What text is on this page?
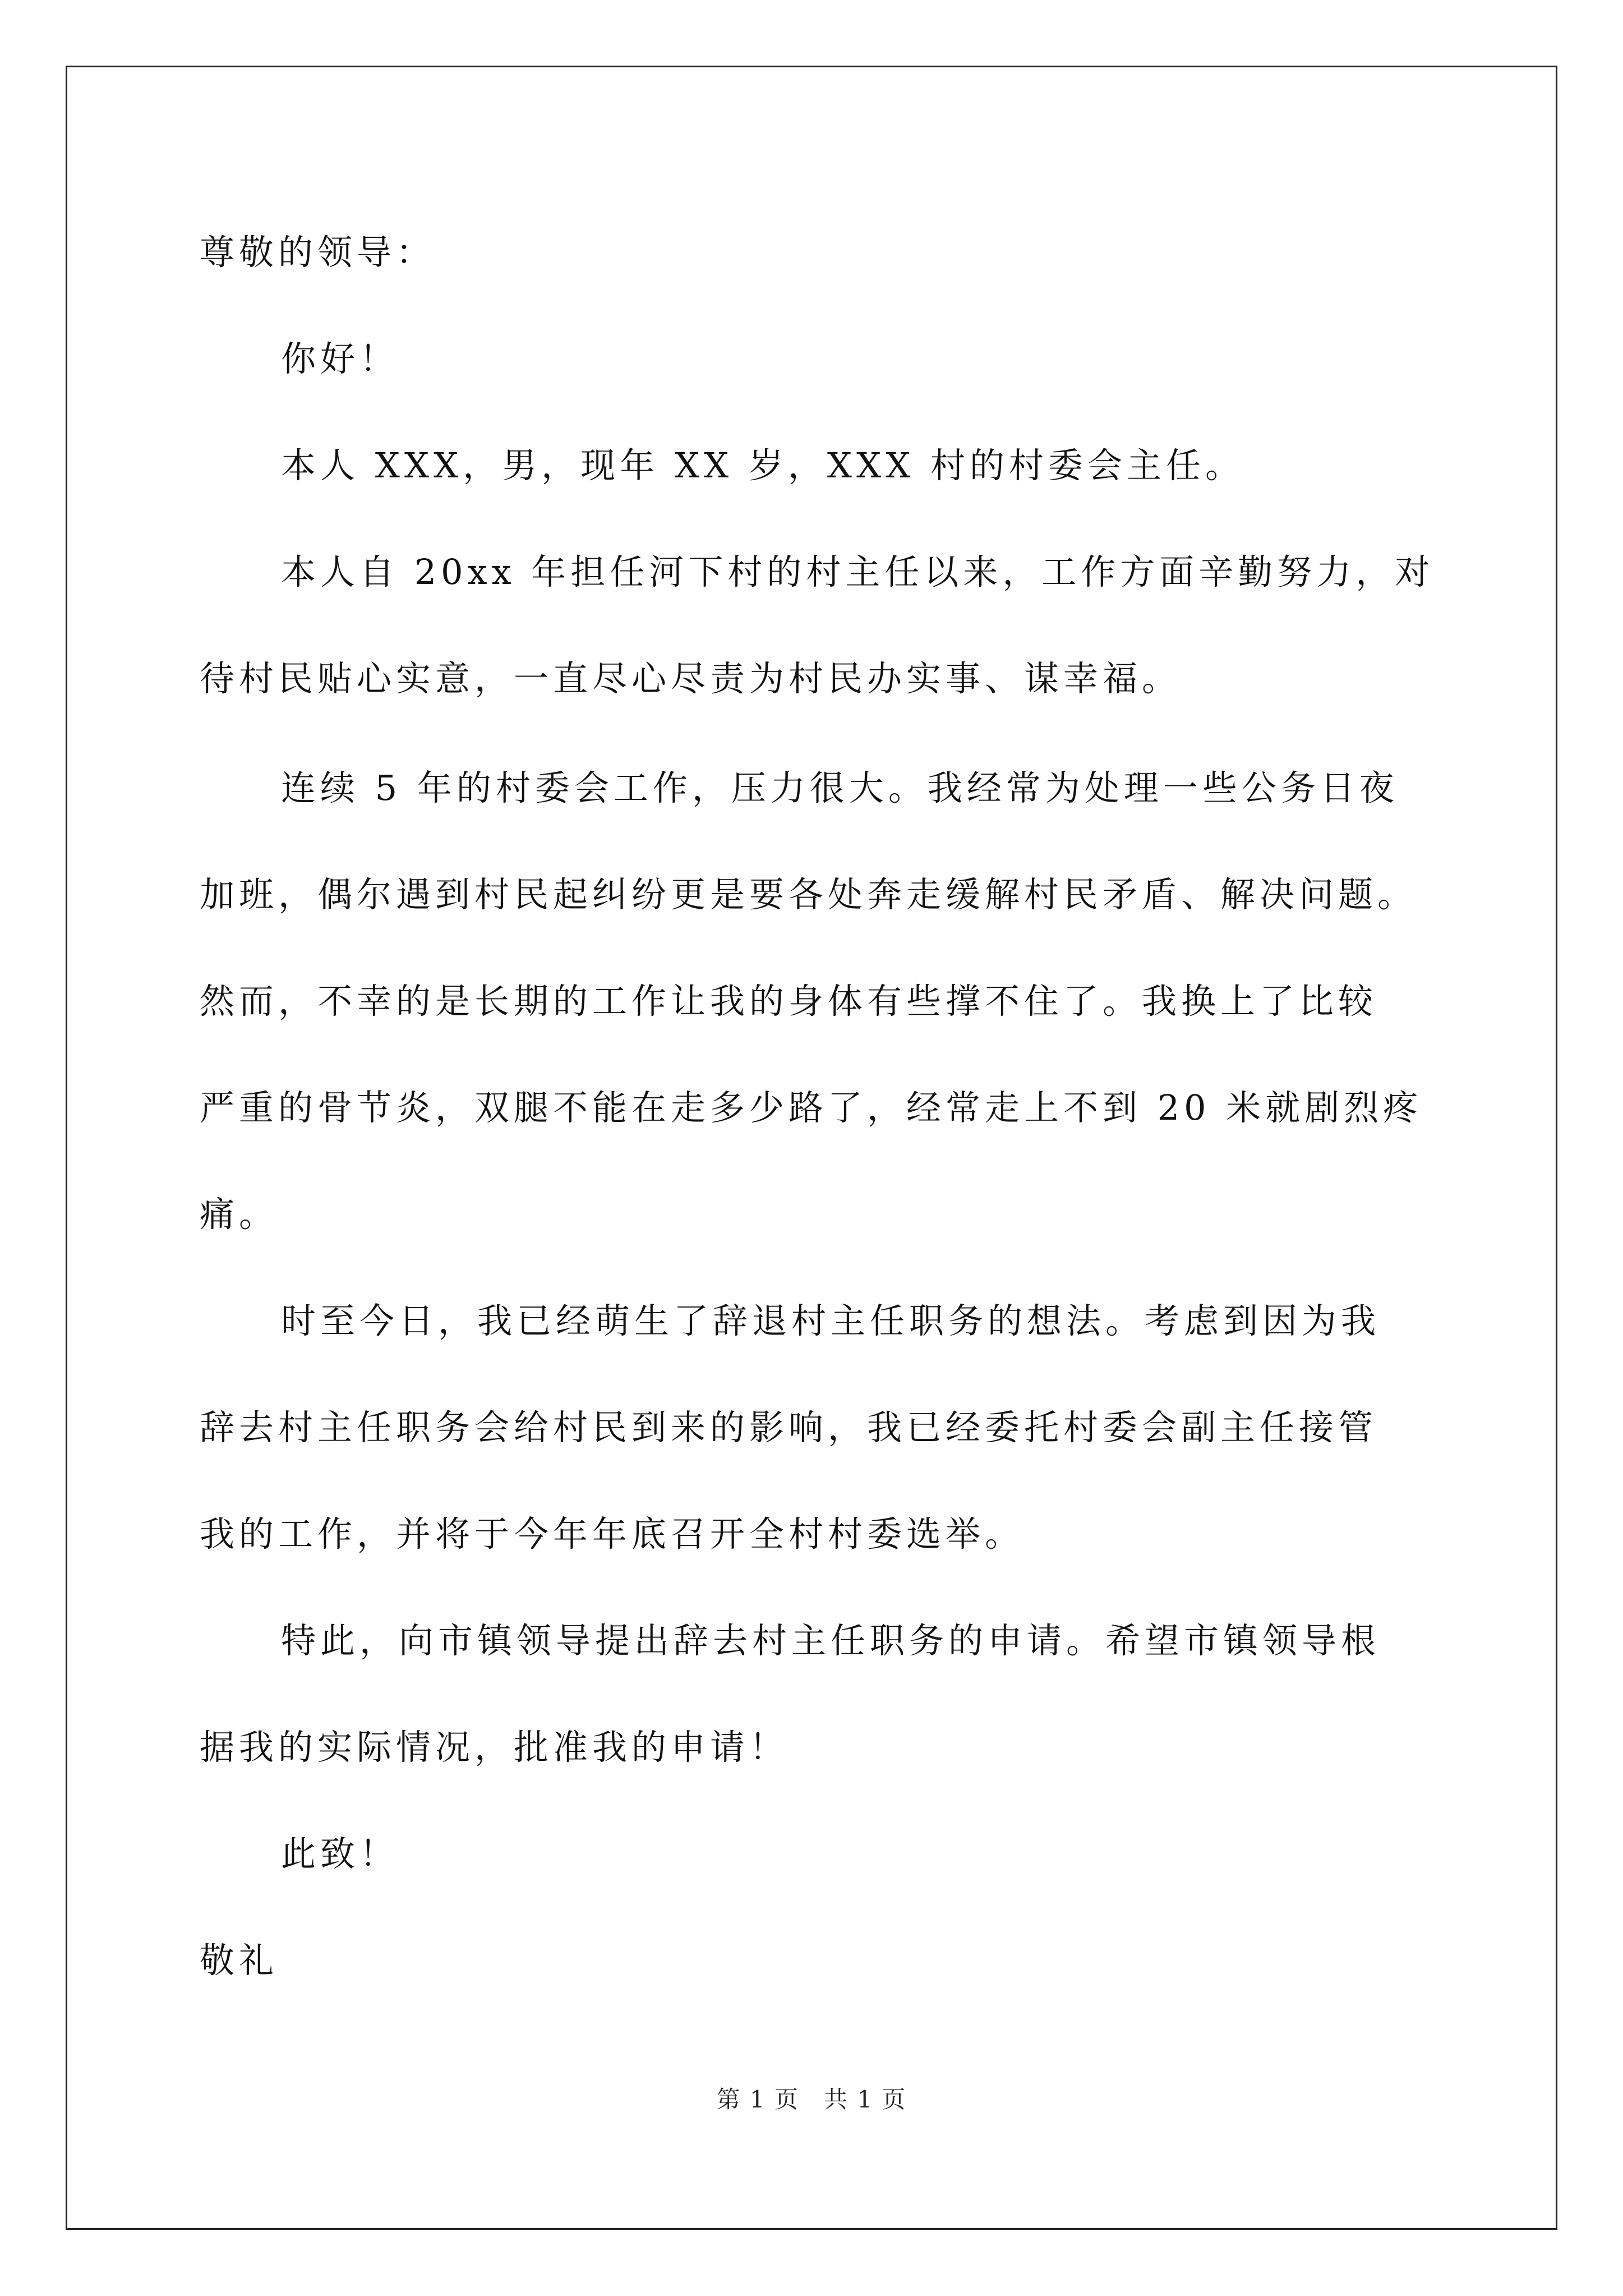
尊敬的领导：
你好！
本人 XXX，男，现年 XX 岁，XXX 村的村委会主任。
本人自 20xx 年担任河下村的村主任以来，工作方面辛勤努力，对
待村民贴心实意，一直尽心尽责为村民办实事、谋幸福。
连续 5 年的村委会工作，压力很大。我经常为处理一些公务日夜
加班，偶尔遇到村民起纠纷更是要各处奔走缓解村民矛盾、解决问题。
然而，不幸的是长期的工作让我的身体有些撑不住了。我换上了比较
严重的骨节炎，双腿不能在走多少路了，经常走上不到 20 米就剧烈疼
痛。
时至今日，我已经萌生了辞退村主任职务的想法。考虑到因为我
辞去村主任职务会给村民到来的影响，我已经委托村委会副主任接管
我的工作，并将于今年年底召开全村村委选举。
特此，向市镇领导提出辞去村主任职务的申请。希望市镇领导根
据我的实际情况，批准我的申请！
此致！
敬礼
第 1 页　共 1 页
